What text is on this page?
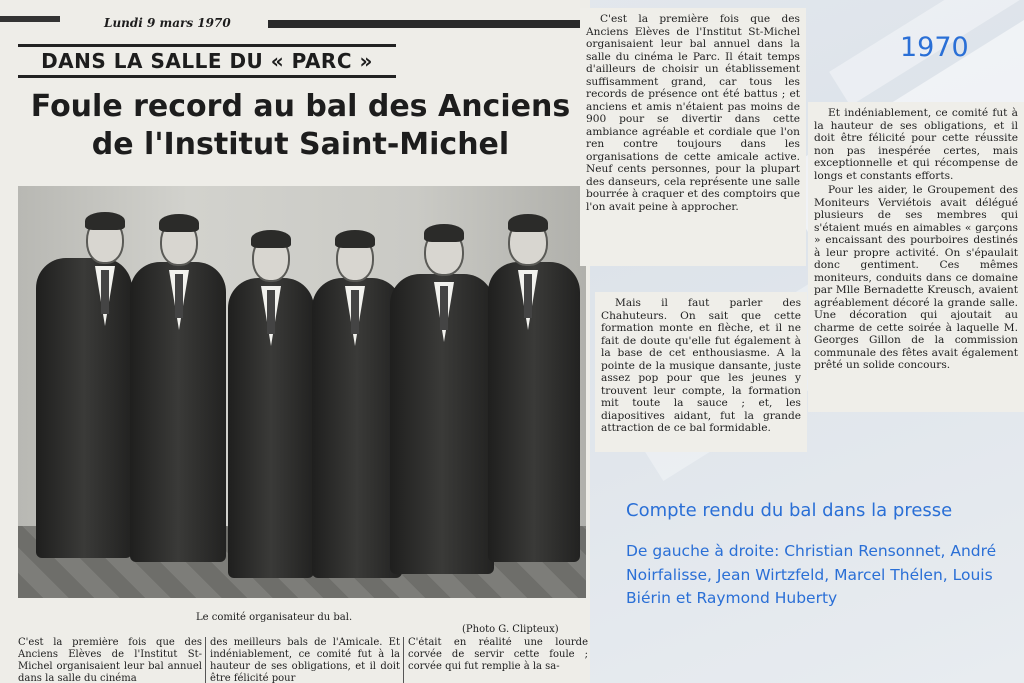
Lundi 9 mars 1970
DANS LA SALLE DU « PARC »
Foule record au bal des Anciens
de l'Institut Saint-Michel
Le comité organisateur du bal.
(Photo G. Clipteux)
C'est la première fois que des Anciens Elèves de l'Institut St-Michel organisaient leur bal annuel dans la salle du cinéma
des meilleurs bals de l'Amicale. Et indéniablement, ce comité fut à la hauteur de ses obligations, et il doit être félicité pour
C'était en réalité une lourde corvée de servir cette foule ; corvée qui fut remplie à la sa-

C'est la première fois que des Anciens Elèves de l'Institut St-Michel organisaient leur bal annuel dans la salle du cinéma le Parc. Il était temps d'ailleurs de choisir un établissement suffisamment grand, car tous les records de présence ont été battus ; et anciens et amis n'étaient pas moins de 900 pour se divertir dans cette ambiance agréable et cordiale que l'on ren contre toujours dans les organisations de cette amicale active. Neuf cents personnes, pour la plupart des danseurs, cela représente une salle bourrée à craquer et des comptoirs que l'on avait peine à approcher.

Mais il faut parler des Chahuteurs. On sait que cette formation monte en flèche, et il ne fait de doute qu'elle fut également à la base de cet enthousiasme. A la pointe de la musique dansante, juste assez pop pour que les jeunes y trouvent leur compte, la formation mit toute la sauce ; et, les diapositives aidant, fut la grande attraction de ce bal formidable.

Et indéniablement, ce comité fut à la hauteur de ses obligations, et il doit être félicité pour cette réussite non pas inespérée certes, mais exceptionnelle et qui récompense de longs et constants efforts.

Pour les aider, le Groupement des Moniteurs Verviétois avait délégué plusieurs de ses membres qui s'étaient mués en aimables « garçons » encaissant des pourboires destinés à leur propre activité. On s'épaulait donc gentiment. Ces mêmes moniteurs, conduits dans ce domaine par Mlle Bernadette Kreusch, avaient agréablement décoré la grande salle. Une décoration qui ajoutait au charme de cette soirée à laquelle M. Georges Gillon de la commission communale des fêtes avait également prêté un solide concours.

1970
Compte rendu du bal dans la presse
De gauche à droite: Christian Rensonnet, André Noirfalisse, Jean Wirtzfeld, Marcel Thélen, Louis Biérin et Raymond Huberty
